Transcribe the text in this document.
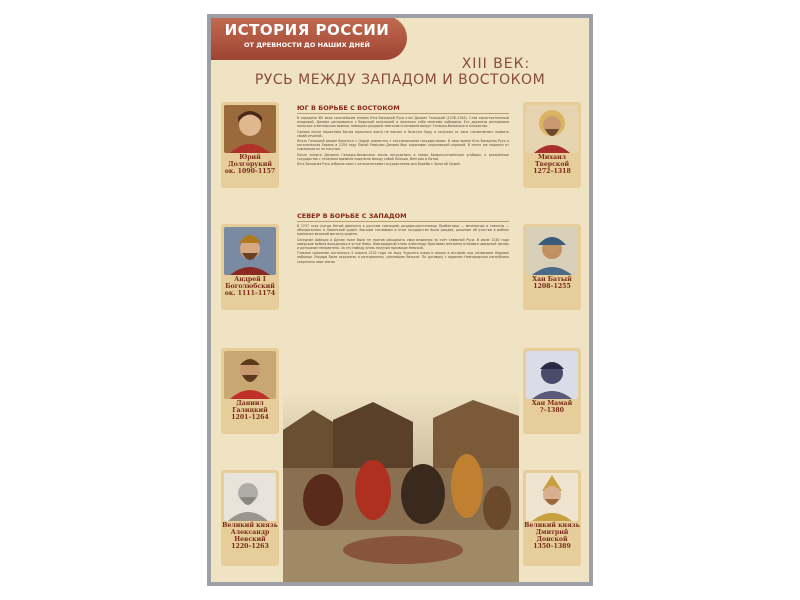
ИСТОРИЯ РОССИИ
ОТ ДРЕВНОСТИ ДО НАШИХ ДНЕЙ
XIII ВЕК:
РУСЬ МЕЖДУ ЗАПАДОМ И ВОСТОКОМ
Юрий
Долгорукий
ок. 1090–1157
Андрей I
Боголюбский
ок. 1111–1174
Даниил
Галицкий
1201–1264
Великий князь
Александр
Невский
1220–1263
Михаил
Тверской
1272–1318
Хан Батый
1208–1255
Хан Мамай
?–1380
Великий князь
Дмитрий
Донской
1350–1389
ЮГ В БОРЬБЕ С ВОСТОКОМ

В середине XIII века сильнейшим князем Юго-Западной Руси стал Даниил Галицкий (1238–1264). Став самостоятельным владыкой, Даниил расправился с боярской вольницей и пресекал себя многими победами. Его дружины разгромили польских и венгерских воинов, немецких рыцарей-тевтонов и основали вокруг Галицко-Волынского княжества.

Однако после нашествия Батыя пришлось ехать на поклон в Золотую Орду и получить от хана «позволение» править своей отчиной.

Князь Галицкий решил бороться с Ордой совместно с католическими государствами. В свое время Юго-Западная Русь и католическая Европа в 1254 году Папой Римским Даниил был коронован королевской короной. В итоге же подмоги от союзников он не получил.

После смерти Даниила Галицко-Волынская земля погрузилась в новые боярско-княжеские усобицы, а разорённые государства с течением времени поделили между собой Польша, Венгрия и Литва.

Юго-Западная Русь избрала союз с католическими государствами для борьбы с Золотой Ордой.

СЕВЕР В БОРЬБЕ С ЗАПАДОМ

В 1237 году (когда Батый двинулся к русским границам) рыцари-крестоносцы Прибалтики — меченосцы и тевтоны — объединились в Ливонский орден. Высшим сословием в этом государстве были рыцари, решение об участии в войнах принимал великий магистр ордена.

Соседние Швеция и Дания тоже было не против расширить свои владения за счёт северной Руси. В июле 1240 года шведские войска высадились в устье Невы. Новгородский князь Александр Ярославич внезапно атаковал шведский лагерь и разгромил неприятеля. За эту победу князь получил прозвище Невский.

Главное сражение состоялось 5 апреля 1242 года на льду Чудского озера и вошло в историю под названием Ледовое побоище. Рыцари были окружены и разгромлены, уцелевшие бежали. По договору с орденом Новгородская республика сохранила свои земли.
